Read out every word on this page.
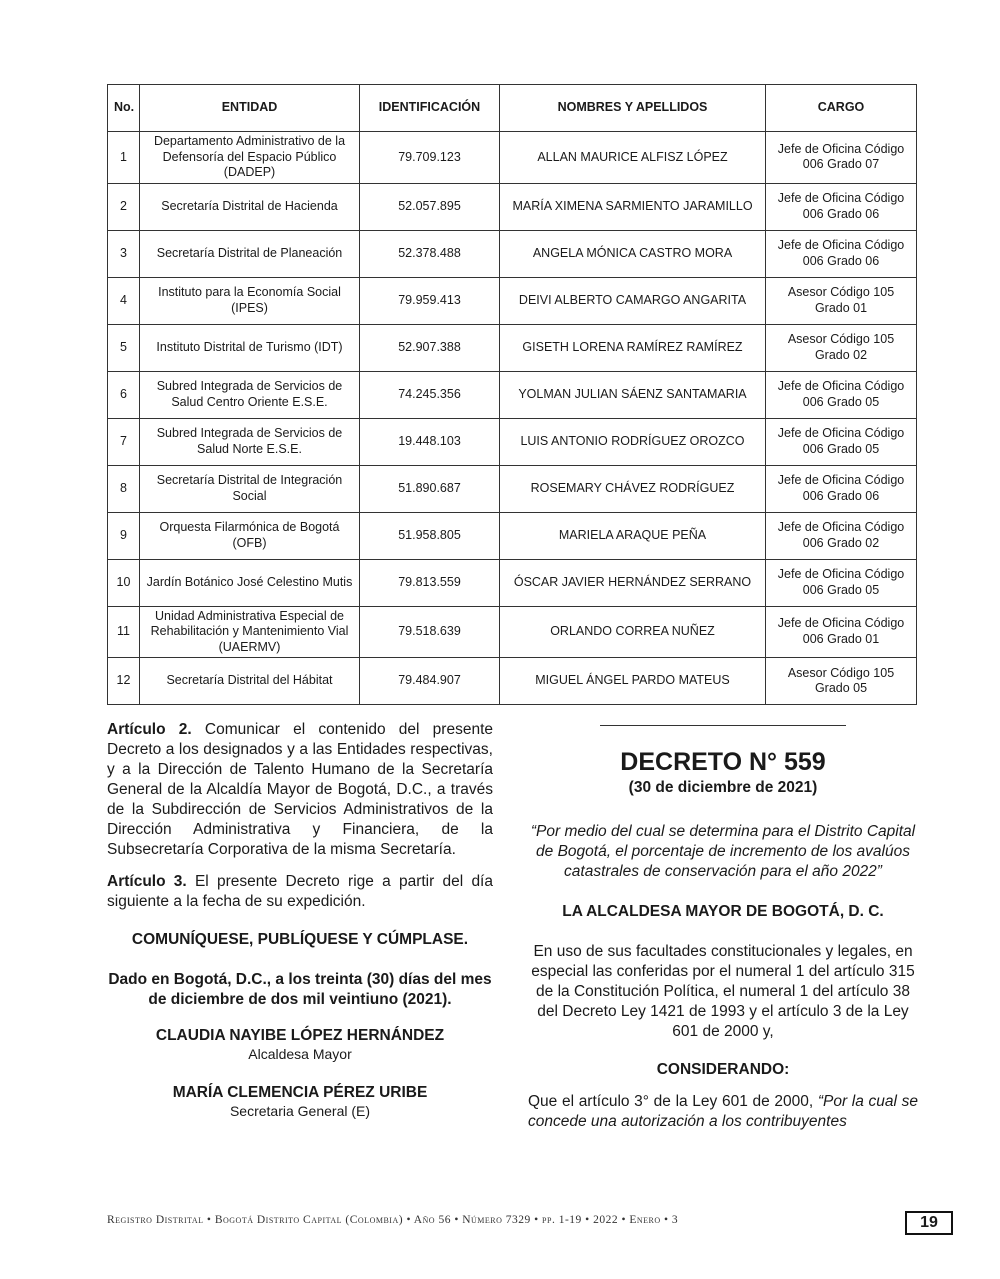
No.	ENTIDAD	IDENTIFICACIÓN	NOMBRES Y APELLIDOS	CARGO
1	Departamento Administrativo de la Defensoría del Espacio Público (DADEP)	79.709.123	ALLAN MAURICE ALFISZ LÓPEZ	Jefe de Oficina Código 006 Grado 07
2	Secretaría Distrital de Hacienda	52.057.895	MARÍA XIMENA SARMIENTO JARAMILLO	Jefe de Oficina Código 006 Grado 06
3	Secretaría Distrital de Planeación	52.378.488	ANGELA MÓNICA CASTRO MORA	Jefe de Oficina Código 006 Grado 06
4	Instituto para la Economía Social (IPES)	79.959.413	DEIVI ALBERTO CAMARGO ANGARITA	Asesor Código 105 Grado 01
5	Instituto Distrital de Turismo (IDT)	52.907.388	GISETH LORENA RAMÍREZ RAMÍREZ	Asesor Código 105 Grado 02
6	Subred Integrada de Servicios de Salud Centro Oriente E.S.E.	74.245.356	YOLMAN JULIAN SÁENZ SANTAMARIA	Jefe de Oficina Código 006 Grado 05
7	Subred Integrada de Servicios de Salud Norte E.S.E.	19.448.103	LUIS ANTONIO RODRÍGUEZ OROZCO	Jefe de Oficina Código 006 Grado 05
8	Secretaría Distrital de Integración Social	51.890.687	ROSEMARY CHÁVEZ RODRÍGUEZ	Jefe de Oficina Código 006 Grado 06
9	Orquesta Filarmónica de Bogotá (OFB)	51.958.805	MARIELA ARAQUE PEÑA	Jefe de Oficina Código 006 Grado 02
10	Jardín Botánico José Celestino Mutis	79.813.559	ÓSCAR JAVIER HERNÁNDEZ SERRANO	Jefe de Oficina Código 006 Grado 05
11	Unidad Administrativa Especial de Rehabilitación y Mantenimiento Vial (UAERMV)	79.518.639	ORLANDO CORREA NUÑEZ	Jefe de Oficina Código 006 Grado 01
12	Secretaría Distrital del Hábitat	79.484.907	MIGUEL ÁNGEL PARDO MATEUS	Asesor Código 105 Grado 05

Artículo 2. Comunicar el contenido del presente Decreto a los designados y a las Entidades respectivas, y a la Dirección de Talento Humano de la Secretaría General de la Alcaldía Mayor de Bogotá, D.C., a través de la Subdirección de Servicios Administrativos de la Dirección Administrativa y Financiera, de la Subsecretaría Corporativa de la misma Secretaría.

Artículo 3. El presente Decreto rige a partir del día siguiente a la fecha de su expedición.

COMUNÍQUESE, PUBLÍQUESE Y CÚMPLASE.

Dado en Bogotá, D.C., a los treinta (30) días del mes de diciembre de dos mil veintiuno (2021).

CLAUDIA NAYIBE LÓPEZ HERNÁNDEZ
Alcaldesa Mayor
MARÍA CLEMENCIA PÉREZ URIBE
Secretaria General (E)
DECRETO N° 559
(30 de diciembre de 2021)
“Por medio del cual se determina para el Distrito Capital de Bogotá, el porcentaje de incremento de los avalúos catastrales de conservación para el año 2022”
LA ALCALDESA MAYOR DE BOGOTÁ, D. C.
En uso de sus facultades constitucionales y legales, en especial las conferidas por el numeral 1 del artículo 315 de la Constitución Política, el numeral 1 del artículo 38 del Decreto Ley 1421 de 1993 y el artículo 3 de la Ley 601 de 2000 y,
CONSIDERANDO:
Que el artículo 3° de la Ley 601 de 2000, “Por la cual se concede una autorización a los contribuyentes
Registro Distrital • Bogotá Distrito Capital (Colombia) • Año 56 • Número 7329 • pp. 1-19 • 2022 • Enero • 3	19
